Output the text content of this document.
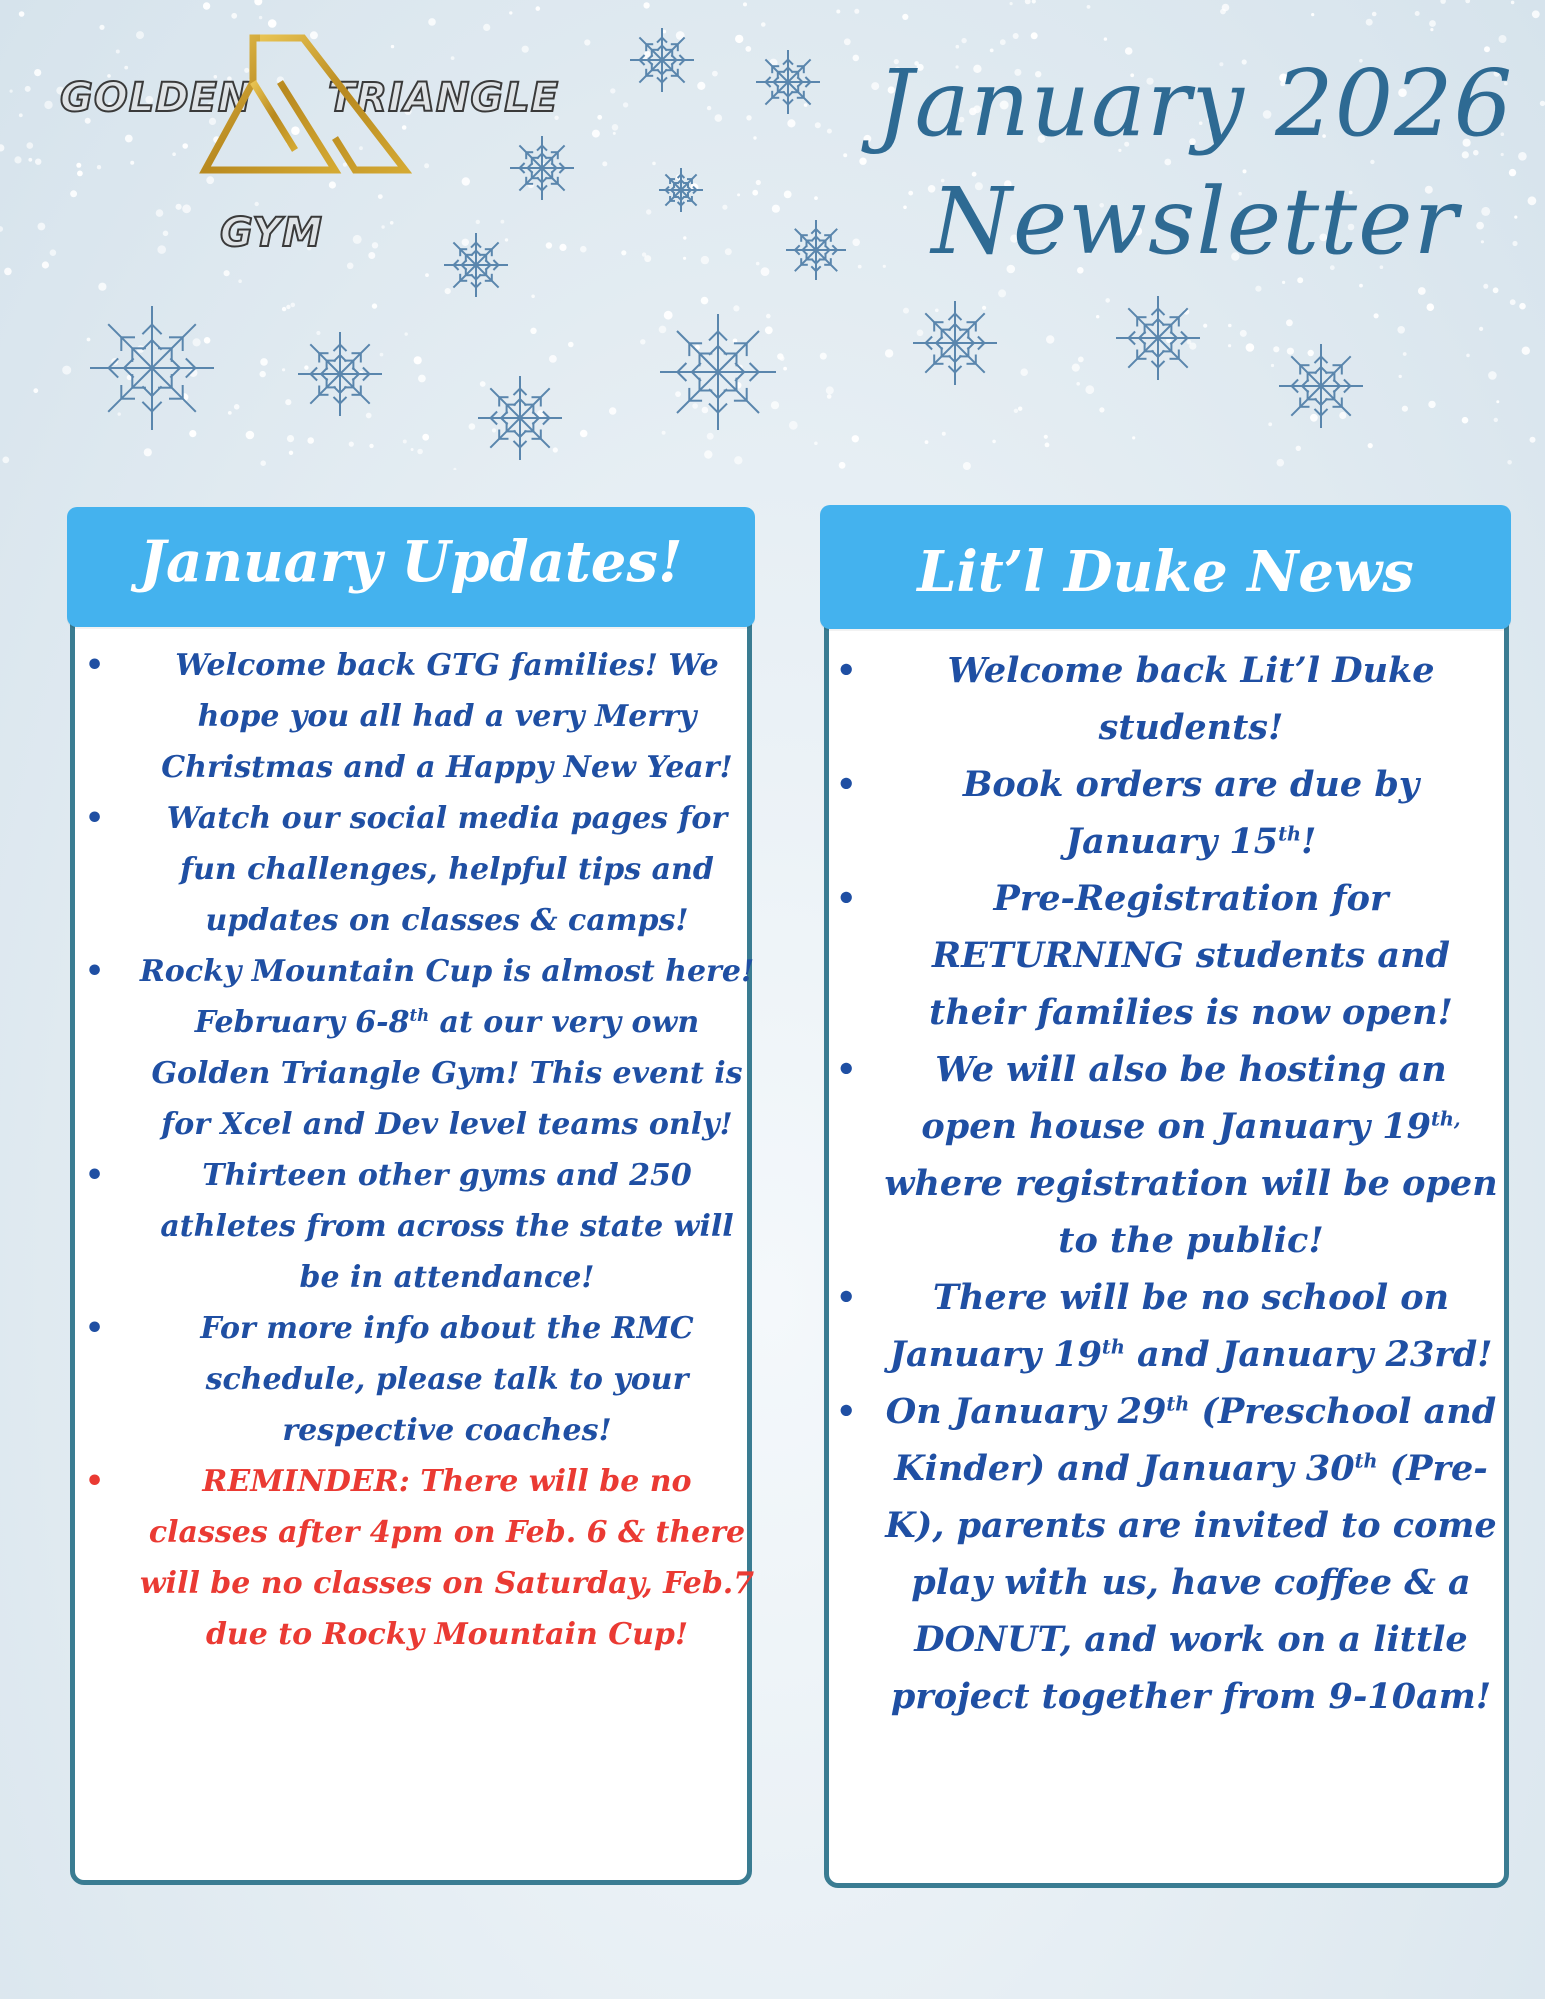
GOLDEN TRIANGLE
GYM
January 2026
Newsletter
January Updates!
• Welcome back GTG families! We hope you all had a very Merry Christmas and a Happy New Year!
• Watch our social media pages for fun challenges, helpful tips and updates on classes & camps!
• Rocky Mountain Cup is almost here! February 6-8th at our very own Golden Triangle Gym! This event is for Xcel and Dev level teams only!
•	Thirteen other gyms and 250 athletes from across the state will be in attendance!
•	For more info about the RMC schedule, please talk to your respective coaches!
•	REMINDER: There will be no classes after 4pm on Feb. 6 & there will be no classes on Saturday, Feb.7 due to Rocky Mountain Cup!
Lit’l Duke News
•	Welcome back Lit’l Duke students!
•	Book orders are due by January 15th!
•	Pre-Registration for RETURNING students and their families is now open!
• We will also be hosting an open house on January $19^{th,}$ where registration will be open to the public!
• There will be no school on January 19th and January 23rd!
• On January 29th (Preschool and Kinder) and January 30th (Pre-K), parents are invited to come play with us, have coffee & a DONUT, and work on a little project together from 9-10am!
